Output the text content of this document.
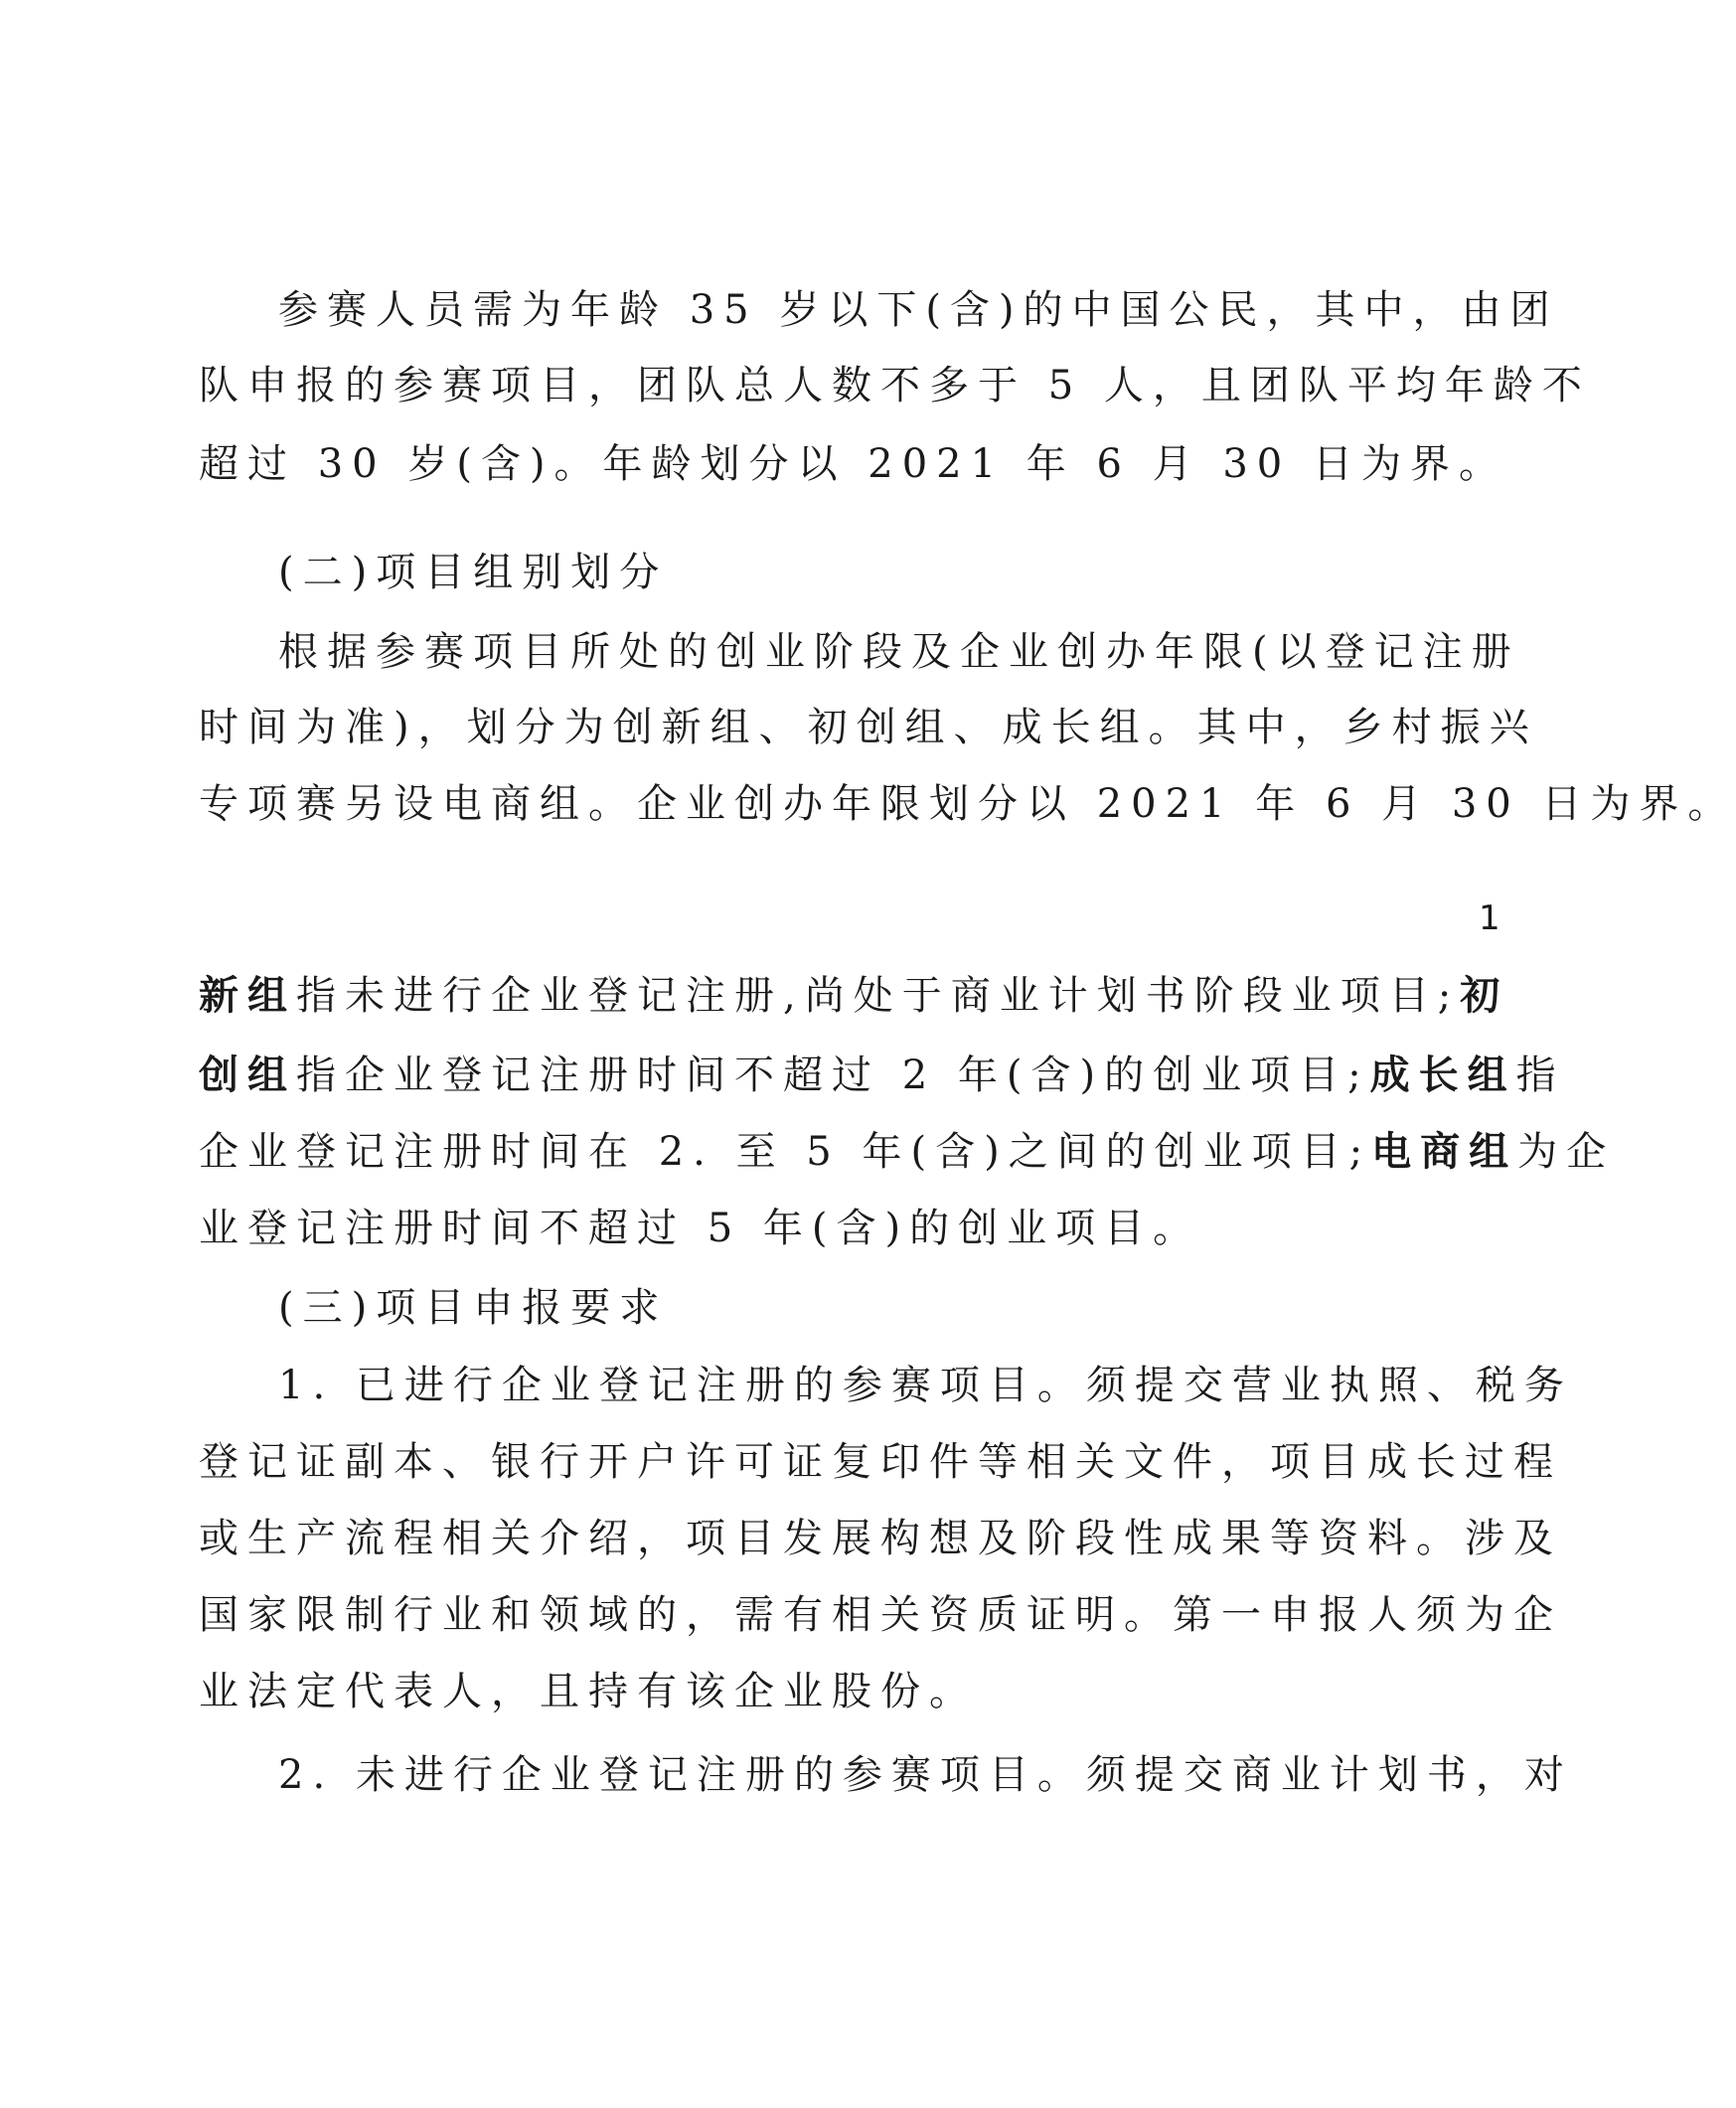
参赛人员需为年龄 35 岁以下(含)的中国公民，其中，由团
队申报的参赛项目，团队总人数不多于 5 人，且团队平均年龄不
超过 30 岁(含)。年龄划分以 2021 年 6 月 30 日为界。
(二)项目组别划分
根据参赛项目所处的创业阶段及企业创办年限(以登记注册
时间为准)，划分为创新组、初创组、成长组。其中，乡村振兴
专项赛另设电商组。企业创办年限划分以 2021 年 6 月 30 日为界。
1
新组指未进行企业登记注册,尚处于商业计划书阶段业项目;初
创组指企业登记注册时间不超过 2 年(含)的创业项目;成长组指
企业登记注册时间在 2. 至 5 年(含)之间的创业项目;电商组为企
业登记注册时间不超过 5 年(含)的创业项目。
(三)项目申报要求
1. 已进行企业登记注册的参赛项目。须提交营业执照、税务
登记证副本、银行开户许可证复印件等相关文件，项目成长过程
或生产流程相关介绍，项目发展构想及阶段性成果等资料。涉及
国家限制行业和领域的，需有相关资质证明。第一申报人须为企
业法定代表人，且持有该企业股份。
2. 未进行企业登记注册的参赛项目。须提交商业计划书，对
